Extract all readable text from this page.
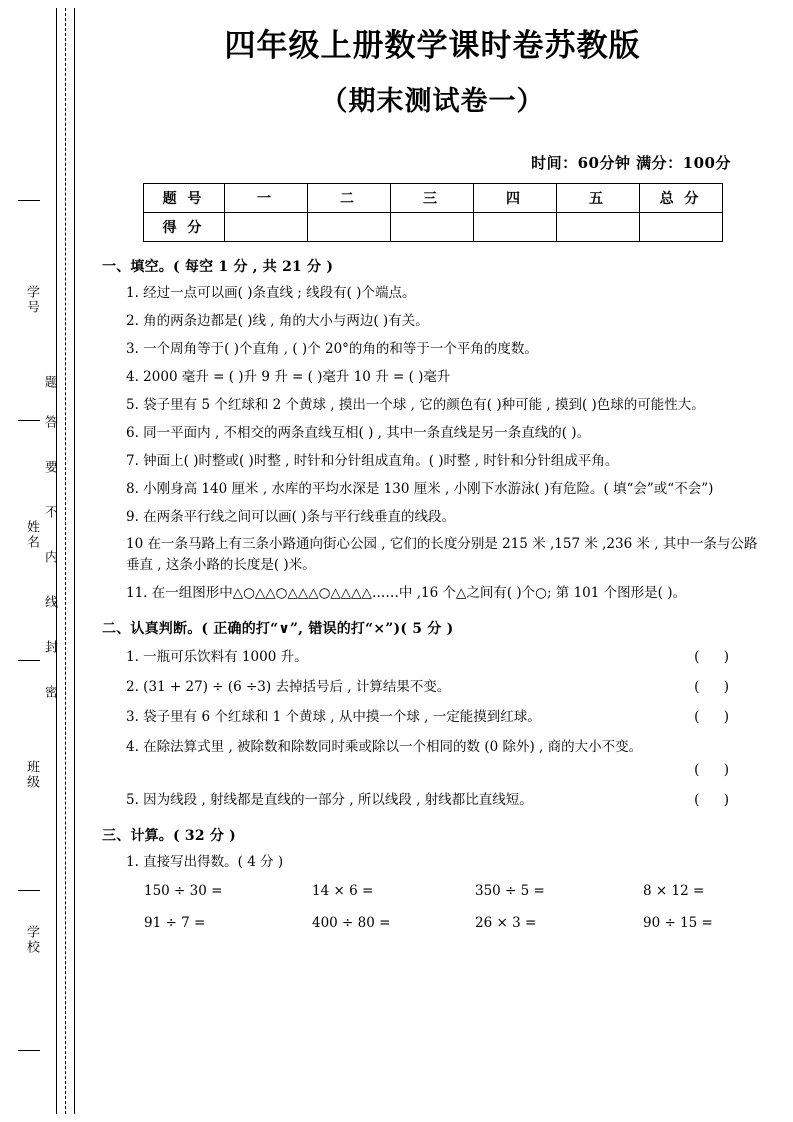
学号
姓名
班级
学校
题
答
要
不
内
线
封
密
四年级上册数学课时卷苏教版
（期末测试卷一）
时间：60分钟 满分：100分
题 号	一	二	三	四	五	总 分
得 分						
一、填空。( 每空 1 分 , 共 21 分 )
1. 经过一点可以画( )条直线 ; 线段有( )个端点。
2. 角的两条边都是( )线 , 角的大小与两边( )有关。
3. 一个周角等于( )个直角 , ( )个 20°的角的和等于一个平角的度数。
4. 2000 毫升 = ( )升 9 升 = ( )毫升 10 升 = ( )毫升
5. 袋子里有 5 个红球和 2 个黄球 , 摸出一个球 , 它的颜色有( )种可能 , 摸到( )色球的可能性大。
6. 同一平面内 , 不相交的两条直线互相( ) , 其中一条直线是另一条直线的( )。
7. 钟面上( )时整或( )时整 , 时针和分针组成直角。( )时整 , 时针和分针组成平角。
8. 小刚身高 140 厘米 , 水库的平均水深是 130 厘米 , 小刚下水游泳( )有危险。( 填“会”或“不会”)
9. 在两条平行线之间可以画( )条与平行线垂直的线段。
10 在一条马路上有三条小路通向街心公园 , 它们的长度分别是 215 米 ,157 米 ,236 米 , 其中一条与公路垂直 , 这条小路的长度是( )米。
11. 在一组图形中△○△△○△△△○△△△△……中 ,16 个△之间有( )个○; 第 101 个图形是( )。
二、认真判断。( 正确的打“∨”, 错误的打“×”)( 5 分 )
1. 一瓶可乐饮料有 1000 升。	( )
2. (31 + 27) ÷ (6 ÷3) 去掉括号后 , 计算结果不变。	( )
3. 袋子里有 6 个红球和 1 个黄球 , 从中摸一个球 , 一定能摸到红球。	( )
4. 在除法算式里 , 被除数和除数同时乘或除以一个相同的数 (0 除外) , 商的大小不变。
( )
5. 因为线段 , 射线都是直线的一部分 , 所以线段 , 射线都比直线短。	( )
三、计算。( 32 分 )
1. 直接写出得数。( 4 分 )
150 ÷ 30 =	14 × 6 =	350 ÷ 5 =	8 × 12 =
91 ÷ 7 =	400 ÷ 80 =	26 × 3 =	90 ÷ 15 =
